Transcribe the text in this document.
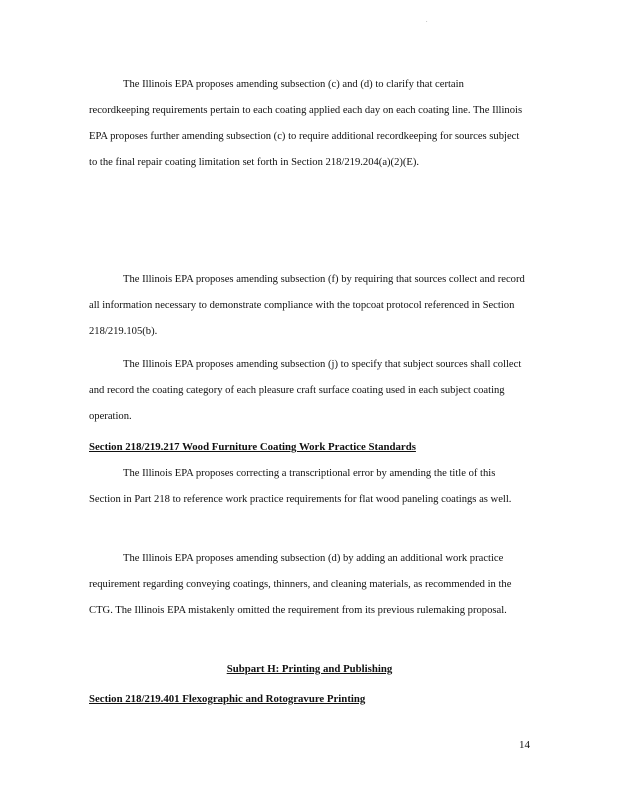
.

The Illinois EPA proposes amending subsection (c) and (d) to clarify that certain recordkeeping requirements pertain to each coating applied each day on each coating line. The Illinois EPA proposes further amending subsection (c) to require additional recordkeeping for sources subject to the final repair coating limitation set forth in Section 218/219.204(a)(2)(E).

The Illinois EPA proposes amending subsection (f) by requiring that sources collect and record all information necessary to demonstrate compliance with the topcoat protocol referenced in Section 218/219.105(b).

The Illinois EPA proposes amending subsection (j) to specify that subject sources shall collect and record the coating category of each pleasure craft surface coating used in each subject coating operation.

Section 218/219.217 Wood Furniture Coating Work Practice Standards

The Illinois EPA proposes correcting a transcriptional error by amending the title of this Section in Part 218 to reference work practice requirements for flat wood paneling coatings as well.

The Illinois EPA proposes amending subsection (d) by adding an additional work practice requirement regarding conveying coatings, thinners, and cleaning materials, as recommended in the CTG. The Illinois EPA mistakenly omitted the requirement from its previous rulemaking proposal.

Subpart H: Printing and Publishing
Section 218/219.401 Flexographic and Rotogravure Printing
14
